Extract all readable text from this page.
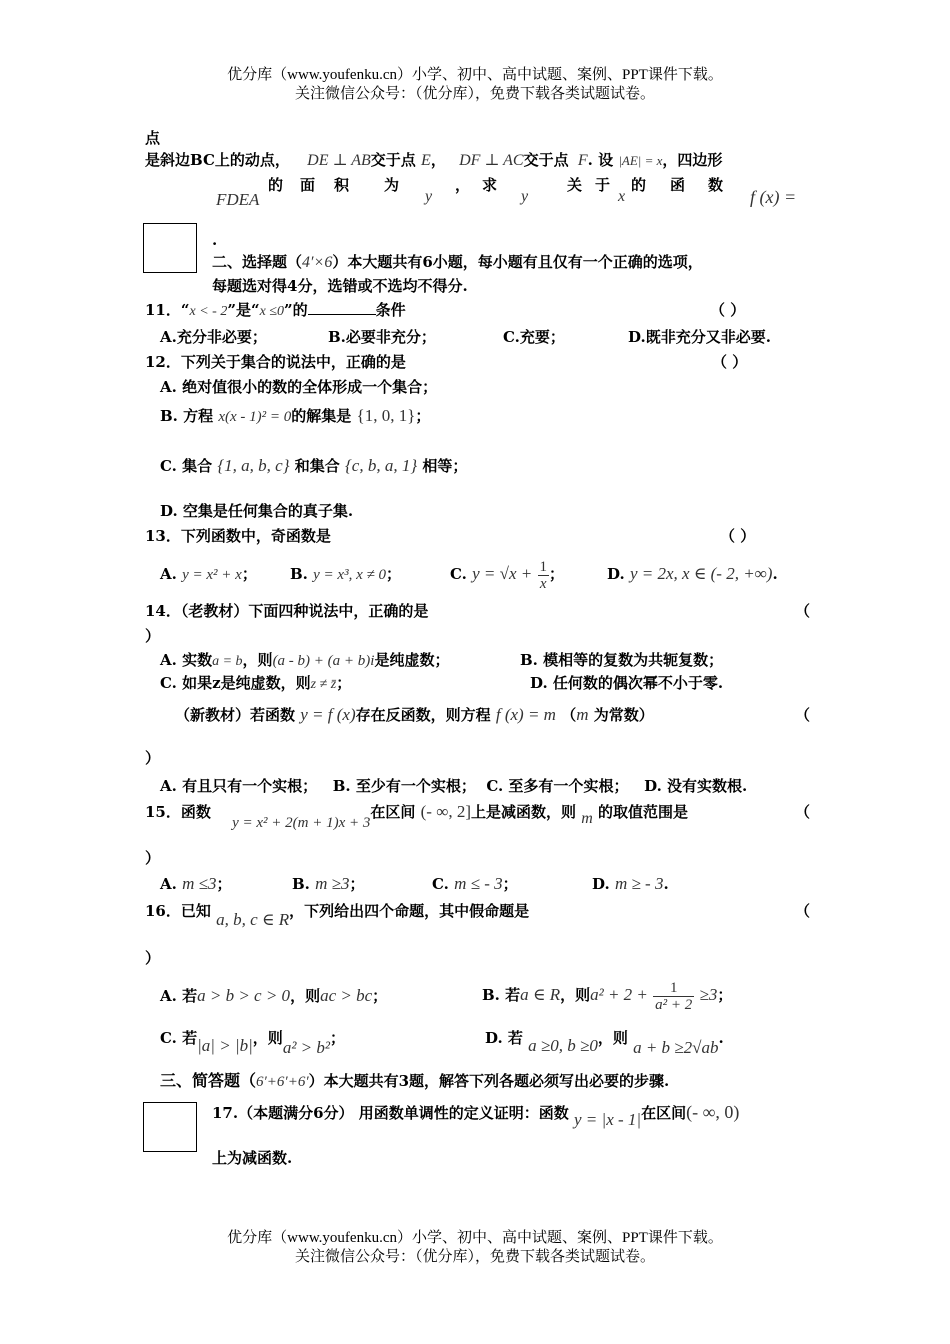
优分库（www.youfenku.cn）小学、初中、高中试题、案例、PPT课件下载。
关注微信公众号：（优分库），免费下载各类试题试卷。
点
是斜边BC上的动点， DE ⊥ AB交于点 E， DF ⊥ AC交于点 F. 设 |AE| = x，四边形
的 面 积 为	， 求	关 于 的 函 数
FDEA	y	y	x	f (x) =
.
二、选择题（4′×6）本大题共有6小题，每小题有且仅有一个正确的选项，
每题选对得4分，选错或不选均不得分.
11．“x < - 2”是“x ≤0”的	条件	（ ）
A.充分非必要；	B.必要非充分；	C.充要；	D.既非充分又非必要.
12．下列关于集合的说法中，正确的是	（ ）
A. 绝对值很小的数的全体形成一个集合；
B. 方程 x(x - 1)² = 0的解集是 {1, 0, 1}；
C. 集合 {1, a, b, c} 和集合 {c, b, a, 1} 相等；
D. 空集是任何集合的真子集.
13．下列函数中，奇函数是	（ ）
A. y = x² + x； B. y = x³, x ≠ 0；	C. $y = √x + \frac{1}{x}$ ；	D. y = 2x, x ∈ (- 2, +∞).
14．（老教材）下面四种说法中，正确的是	（
）
A. 实数a = b，则(a - b) + (a + b)i是纯虚数；	B. 模相等的复数为共轭复数；
C. 如果z是纯虚数，则z ≠ z̄；	D. 任何数的偶次幂不小于零.
（新教材）若函数 y = f (x)存在反函数，则方程 f (x) = m （m 为常数）	（
）
A. 有且只有一个实根；   B. 至少有一个实根；  C. 至多有一个实根；   D. 没有实数根.
15．函数 y = x² + 2(m + 1)x + 3在区间 (- ∞, 2]上是减函数，则 m 的取值范围是	（
）
A. m ≤3；	B. m ≥3；	C. m ≤ - 3；	D. m ≥ - 3.
16．已知 a, b, c ∈ R，下列给出四个命题，其中假命题是	（
）
A. 若a > b > c > 0，则ac > bc；	B. 若a ∈ R，则$a^2 + 2 + \frac{1}{\text{a² + 2}} \ge 3$；
C. 若|a| > |b|，则a² > b²；	D. 若 a ≥0, b ≥0，则 a + b ≥2√ab.
三、简答题（6′+6′+6′）本大题共有3题，解答下列各题必须写出必要的步骤.
17.（本题满分6分） 用函数单调性的定义证明：函数 y = |x - 1|在区间(- ∞, 0)
上为减函数.
优分库（www.youfenku.cn）小学、初中、高中试题、案例、PPT课件下载。
关注微信公众号：（优分库），免费下载各类试题试卷。
